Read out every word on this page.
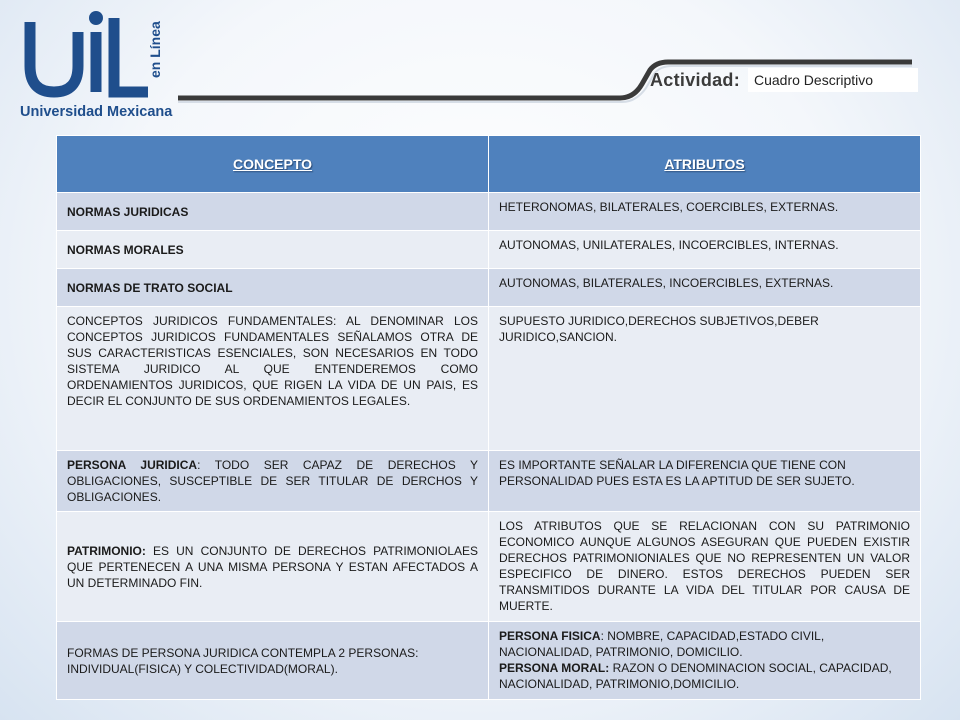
en Línea
Universidad Mexicana
Actividad: Cuadro Descriptivo
CONCEPTO	ATRIBUTOS
NORMAS JURIDICAS	HETERONOMAS, BILATERALES, COERCIBLES, EXTERNAS.
NORMAS MORALES	AUTONOMAS, UNILATERALES, INCOERCIBLES, INTERNAS.
NORMAS DE TRATO SOCIAL	AUTONOMAS, BILATERALES, INCOERCIBLES, EXTERNAS.
CONCEPTOS JURIDICOS FUNDAMENTALES: AL DENOMINAR LOS CONCEPTOS JURIDICOS FUNDAMENTALES SEÑALAMOS OTRA DE SUS CARACTERISTICAS ESENCIALES, SON NECESARIOS EN TODO SISTEMA JURIDICO AL QUE ENTENDEREMOS COMO ORDENAMIENTOS JURIDICOS, QUE RIGEN LA VIDA DE UN PAIS, ES DECIR EL CONJUNTO DE SUS ORDENAMIENTOS LEGALES.	SUPUESTO JURIDICO,DERECHOS SUBJETIVOS,DEBER JURIDICO,SANCION.
PERSONA JURIDICA: TODO SER CAPAZ DE DERECHOS Y OBLIGACIONES, SUSCEPTIBLE DE SER TITULAR DE DERCHOS Y OBLIGACIONES.	ES IMPORTANTE SEÑALAR LA DIFERENCIA QUE TIENE CON PERSONALIDAD PUES ESTA ES LA APTITUD DE SER SUJETO.
PATRIMONIO: ES UN CONJUNTO DE DERECHOS PATRIMONIOLAES QUE PERTENECEN A UNA MISMA PERSONA Y ESTAN AFECTADOS A UN DETERMINADO FIN.	LOS ATRIBUTOS QUE SE RELACIONAN CON SU PATRIMONIO ECONOMICO AUNQUE ALGUNOS ASEGURAN QUE PUEDEN EXISTIR DERECHOS PATRIMONIONIALES QUE NO REPRESENTEN UN VALOR ESPECIFICO DE DINERO. ESTOS DERECHOS PUEDEN SER TRANSMITIDOS DURANTE LA VIDA DEL TITULAR POR CAUSA DE MUERTE.
FORMAS DE PERSONA JURIDICA CONTEMPLA 2 PERSONAS: INDIVIDUAL(FISICA) Y COLECTIVIDAD(MORAL).	PERSONA FISICA: NOMBRE, CAPACIDAD,ESTADO CIVIL, NACIONALIDAD, PATRIMONIO, DOMICILIO.
PERSONA MORAL: RAZON O DENOMINACION SOCIAL, CAPACIDAD, NACIONALIDAD, PATRIMONIO,DOMICILIO.
